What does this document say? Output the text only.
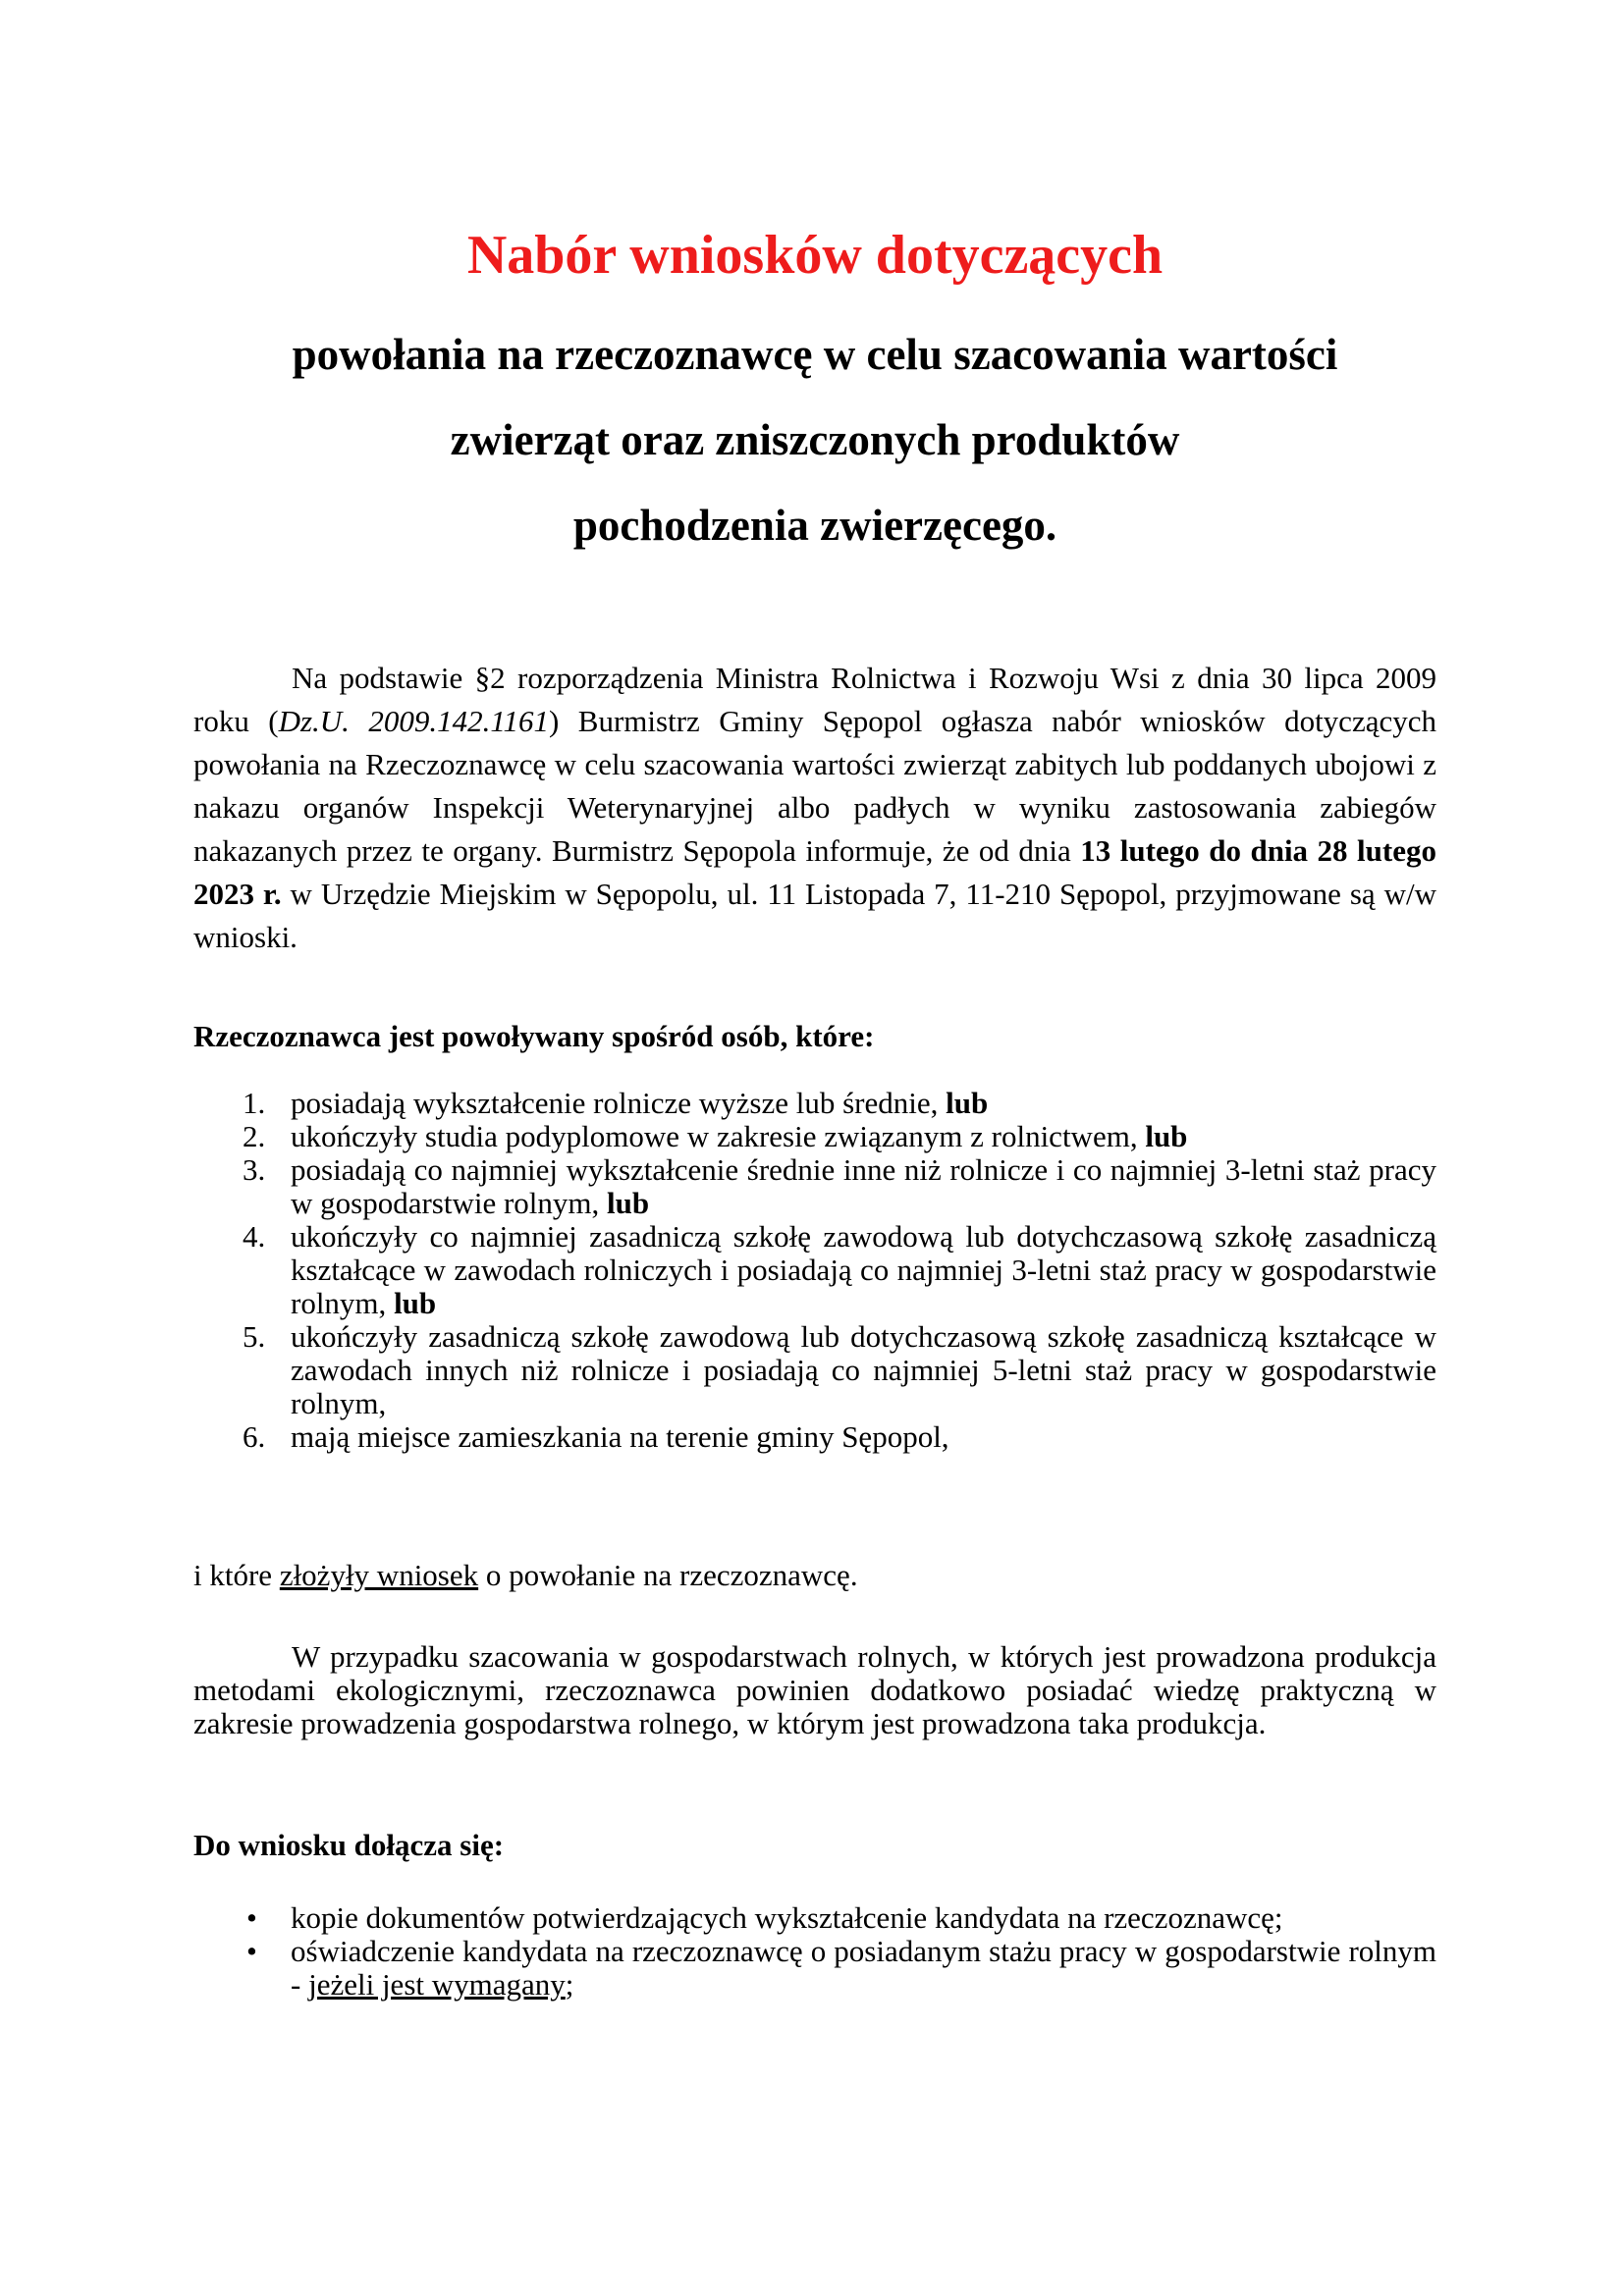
Nabór wniosków dotyczących
powołania na rzeczoznawcę w celu szacowania wartości
zwierząt oraz zniszczonych produktów
pochodzenia zwierzęcego.
Na podstawie §2 rozporządzenia Ministra Rolnictwa i Rozwoju Wsi z dnia 30 lipca 2009 roku (Dz.U. 2009.142.1161) Burmistrz Gminy Sępopol ogłasza nabór wniosków dotyczących powołania na Rzeczoznawcę w celu szacowania wartości zwierząt zabitych lub poddanych ubojowi z nakazu organów Inspekcji Weterynaryjnej albo padłych w wyniku zastosowania zabiegów nakazanych przez te organy. Burmistrz Sępopola informuje, że od dnia 13 lutego do dnia 28 lutego 2023 r. w Urzędzie Miejskim w Sępopolu, ul. 11 Listopada 7, 11-210 Sępopol, przyjmowane są w/w wnioski.
Rzeczoznawca jest powoływany spośród osób, które:
1. posiadają wykształcenie rolnicze wyższe lub średnie, lub
2. ukończyły studia podyplomowe w zakresie związanym z rolnictwem, lub
3. posiadają co najmniej wykształcenie średnie inne niż rolnicze i co najmniej 3-letni staż pracy w gospodarstwie rolnym, lub
4. ukończyły co najmniej zasadniczą szkołę zawodową lub dotychczasową szkołę zasadniczą kształcące w zawodach rolniczych i posiadają co najmniej 3-letni staż pracy w gospodarstwie rolnym, lub
5. ukończyły zasadniczą szkołę zawodową lub dotychczasową szkołę zasadniczą kształcące w zawodach innych niż rolnicze i posiadają co najmniej 5-letni staż pracy w gospodarstwie rolnym,
6. mają miejsce zamieszkania na terenie gminy Sępopol,
i które złożyły wniosek o powołanie na rzeczoznawcę.
W przypadku szacowania w gospodarstwach rolnych, w których jest prowadzona produkcja metodami ekologicznymi, rzeczoznawca powinien dodatkowo posiadać wiedzę praktyczną w zakresie prowadzenia gospodarstwa rolnego, w którym jest prowadzona taka produkcja.
Do wniosku dołącza się:
• kopie dokumentów potwierdzających wykształcenie kandydata na rzeczoznawcę;
• oświadczenie kandydata na rzeczoznawcę o posiadanym stażu pracy w gospodarstwie rolnym - jeżeli jest wymagany;
